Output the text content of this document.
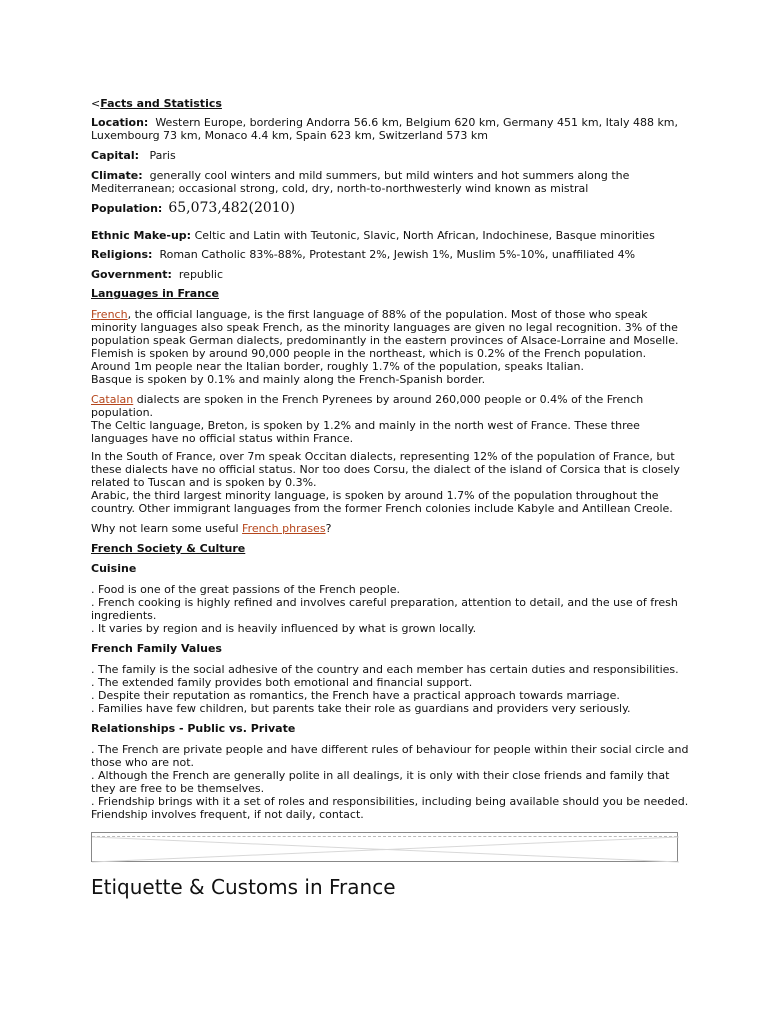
<Facts and Statistics

Location: Western Europe, bordering Andorra 56.6 km, Belgium 620 km, Germany 451 km, Italy 488 km, Luxembourg 73 km, Monaco 4.4 km, Spain 623 km, Switzerland 573 km

Capital: Paris

Climate: generally cool winters and mild summers, but mild winters and hot summers along the Mediterranean; occasional strong, cold, dry, north-to-northwesterly wind known as mistral

Population: 65,073,482(2010)

Ethnic Make-up: Celtic and Latin with Teutonic, Slavic, North African, Indochinese, Basque minorities

Religions: Roman Catholic 83%-88%, Protestant 2%, Jewish 1%, Muslim 5%-10%, unaffiliated 4%

Government: republic

Languages in France

French, the official language, is the first language of 88% of the population. Most of those who speak minority languages also speak French, as the minority languages are given no legal recognition. 3% of the population speak German dialects, predominantly in the eastern provinces of Alsace-Lorraine and Moselle.
Flemish is spoken by around 90,000 people in the northeast, which is 0.2% of the French population.
Around 1m people near the Italian border, roughly 1.7% of the population, speaks Italian.
Basque is spoken by 0.1% and mainly along the French-Spanish border.

Catalan dialects are spoken in the French Pyrenees by around 260,000 people or 0.4% of the French population.
The Celtic language, Breton, is spoken by 1.2% and mainly in the north west of France. These three languages have no official status within France.

In the South of France, over 7m speak Occitan dialects, representing 12% of the population of France, but these dialects have no official status. Nor too does Corsu, the dialect of the island of Corsica that is closely related to Tuscan and is spoken by 0.3%.
Arabic, the third largest minority language, is spoken by around 1.7% of the population throughout the country. Other immigrant languages from the former French colonies include Kabyle and Antillean Creole.

Why not learn some useful French phrases?

French Society & Culture

Cuisine

. Food is one of the great passions of the French people.
. French cooking is highly refined and involves careful preparation, attention to detail, and the use of fresh ingredients.
. It varies by region and is heavily influenced by what is grown locally.

French Family Values

. The family is the social adhesive of the country and each member has certain duties and responsibilities.
. The extended family provides both emotional and financial support.
. Despite their reputation as romantics, the French have a practical approach towards marriage.
. Families have few children, but parents take their role as guardians and providers very seriously.

Relationships - Public vs. Private

. The French are private people and have different rules of behaviour for people within their social circle and those who are not.
. Although the French are generally polite in all dealings, it is only with their close friends and family that they are free to be themselves.
. Friendship brings with it a set of roles and responsibilities, including being available should you be needed.
Friendship involves frequent, if not daily, contact.

Etiquette & Customs in France
